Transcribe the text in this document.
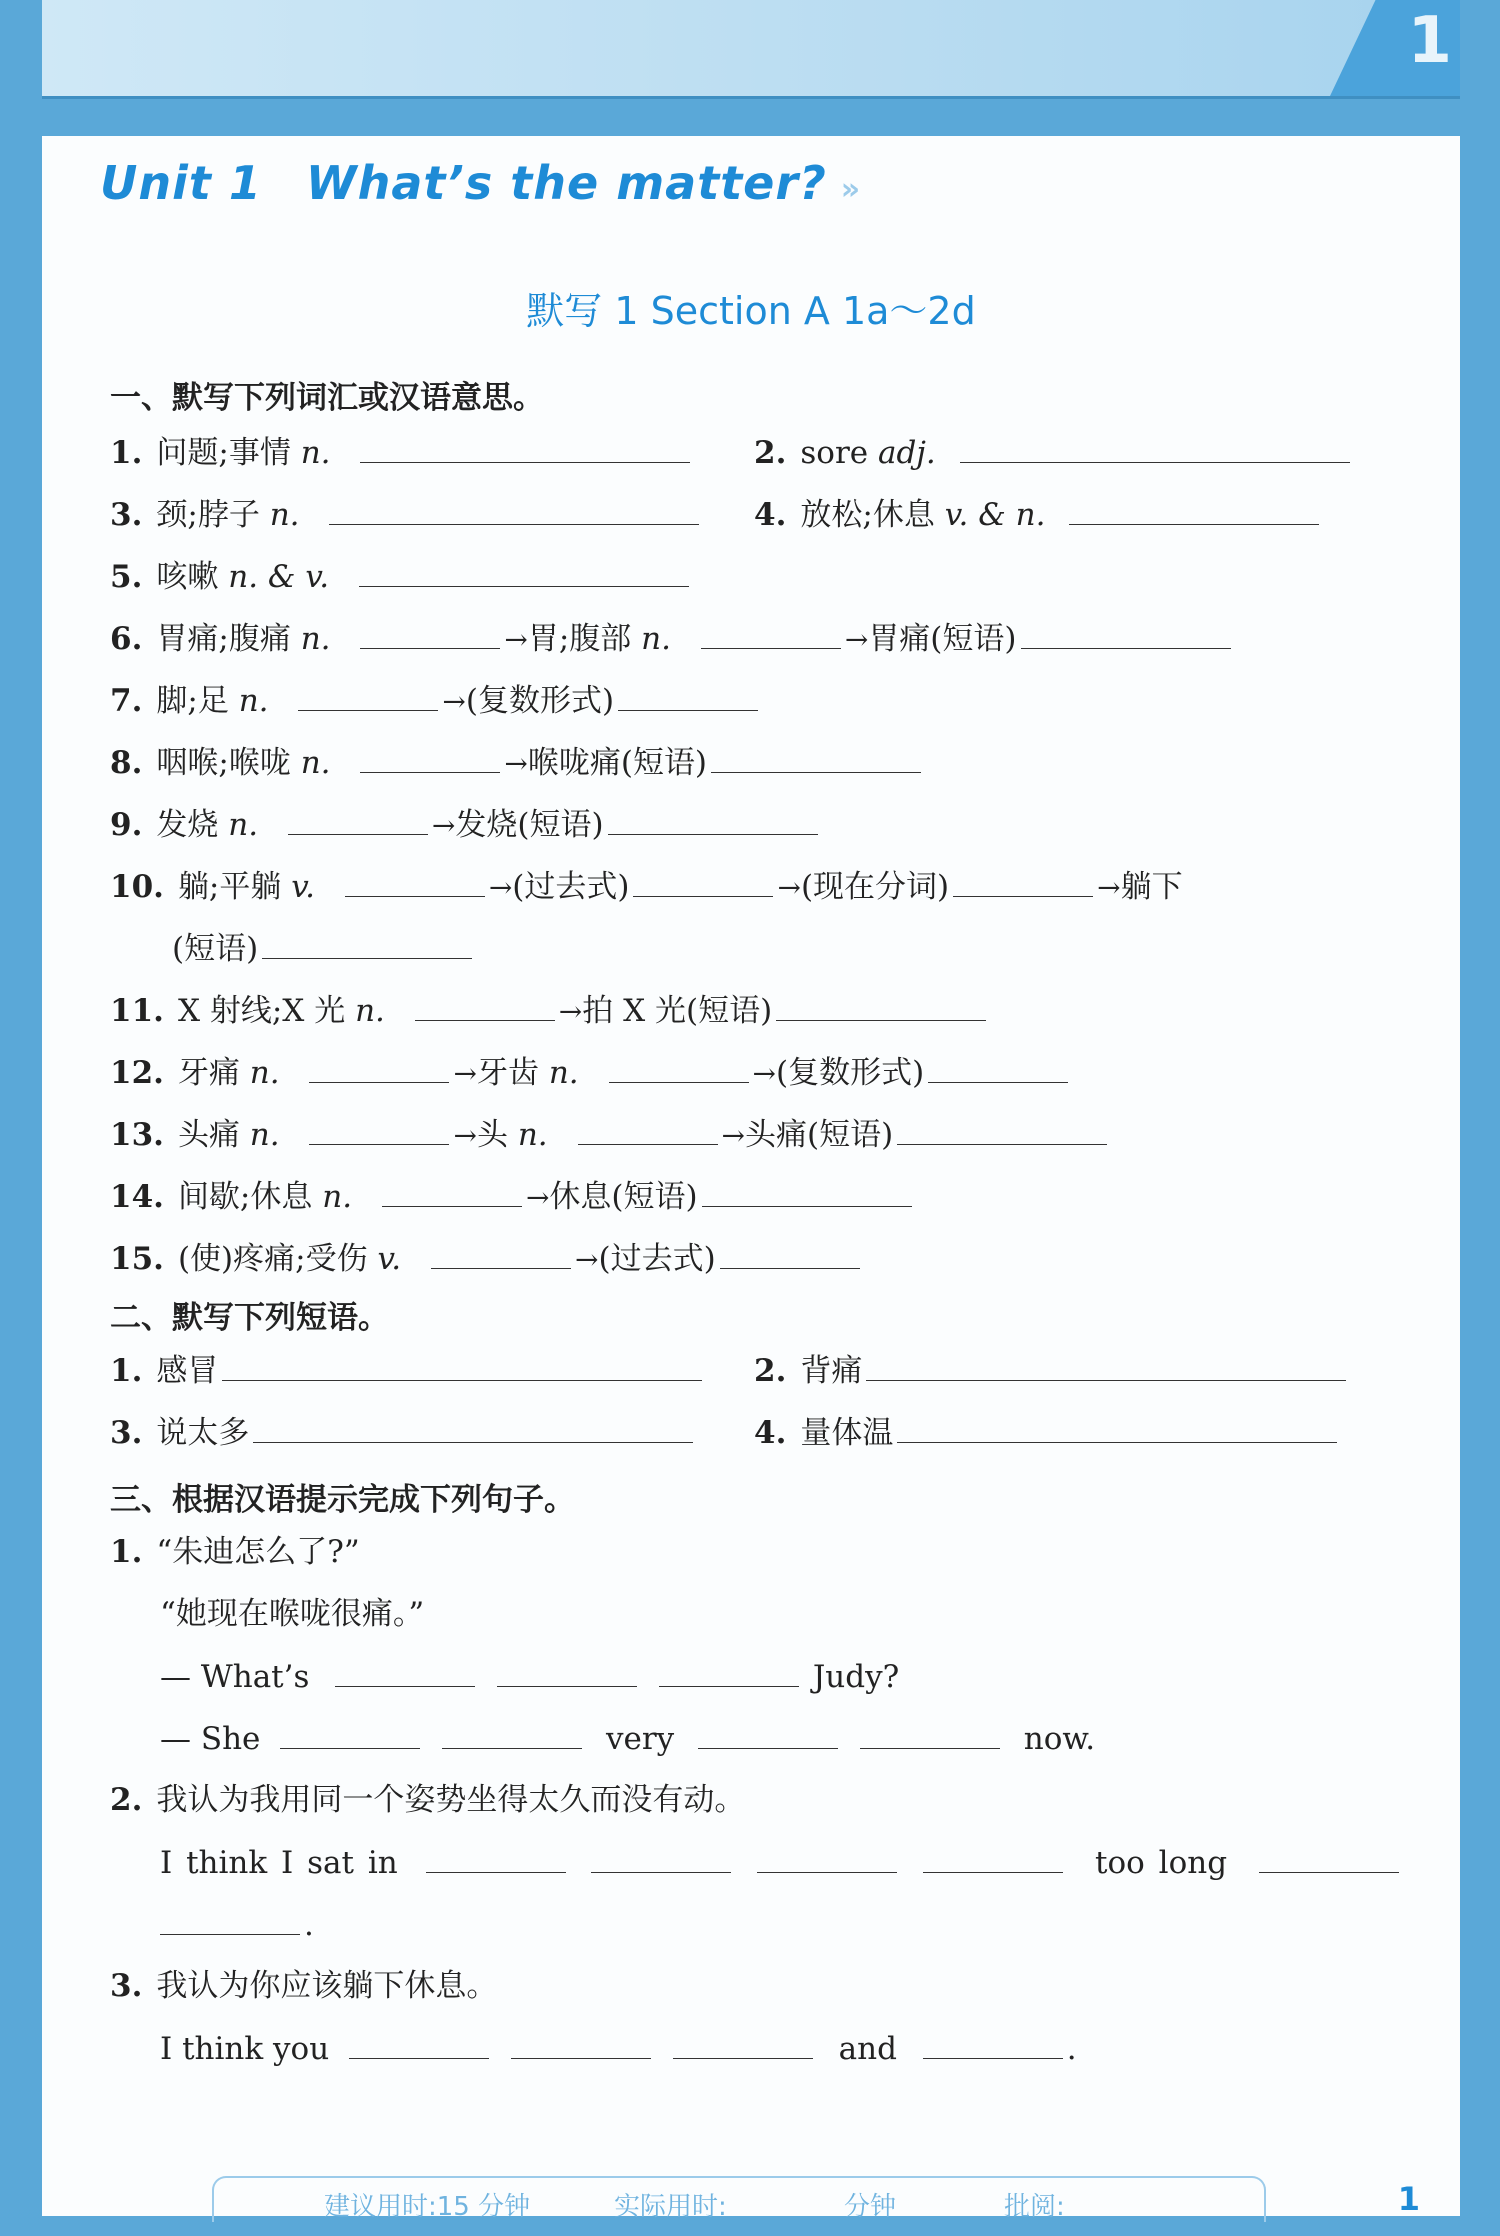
1
Unit 1 What’s the matter? »
默写 1 Section A 1a～2d
一、默写下列词汇或汉语意思。
1. 问题;事情 n.	2. sore adj.
3. 颈;脖子 n.	4. 放松;休息 v. & n.
5. 咳嗽 n. & v.
6. 胃痛;腹痛 n.	→胃;腹部 n.	→胃痛(短语)
7. 脚;足 n.	→(复数形式)
8. 咽喉;喉咙 n.	→喉咙痛(短语)
9. 发烧 n.	→发烧(短语)
10. 躺;平躺 v.	→(过去式)	→(现在分词)	→躺下
(短语)
11. X 射线;X 光 n.	→拍 X 光(短语)
12. 牙痛 n.	→牙齿 n.	→(复数形式)
13. 头痛 n.	→头 n.	→头痛(短语)
14. 间歇;休息 n.	→休息(短语)
15. (使)疼痛;受伤 v.	→(过去式)
二、默写下列短语。
1. 感冒	2. 背痛
3. 说太多	4. 量体温
三、根据汉语提示完成下列句子。
1. “朱迪怎么了?”
“她现在喉咙很痛。”
— What’s	Judy?
— She	very	now.
2. 我认为我用同一个姿势坐得太久而没有动。
I think I sat in	too long
.
3. 我认为你应该躺下休息。
I think you	and	.
建议用时:15 分钟	实际用时:	分钟	批阅:	1
